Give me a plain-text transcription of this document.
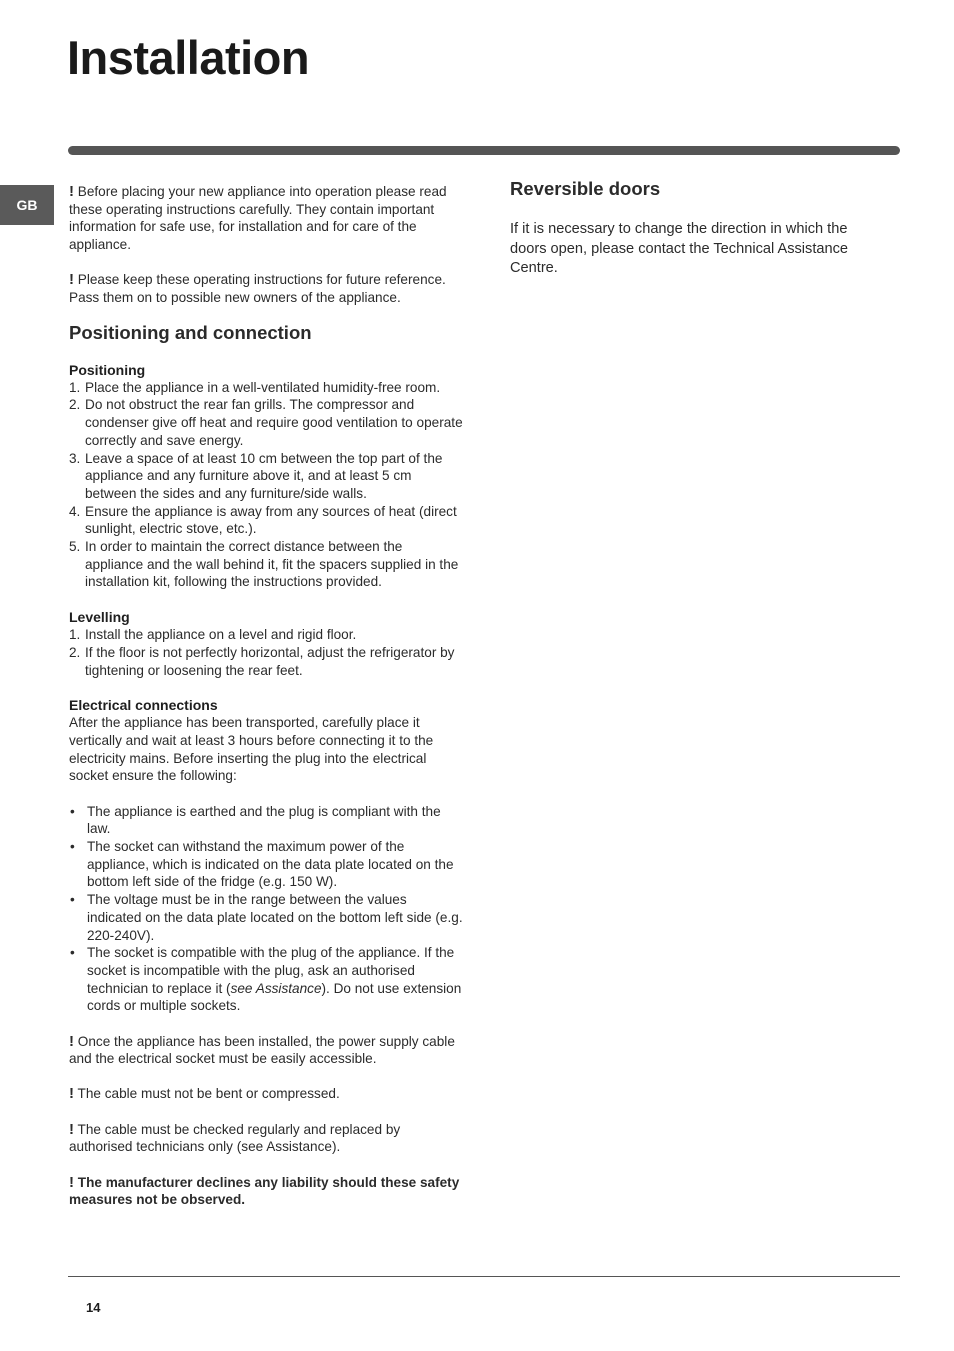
Installation
GB

! Before placing your new appliance into operation please read these operating instructions carefully. They contain important information for safe use, for installation and for care of the appliance.

! Please keep these operating instructions for future reference. Pass them on to possible new owners of the appliance.

Positioning and connection
Positioning
1. Place the appliance in a well-ventilated humidity-free room.
2. Do not obstruct the rear fan grills. The compressor and condenser give off heat and require good ventilation to operate correctly and save energy.
3. Leave a space of at least 10 cm between the top part of the appliance and any furniture above it, and at least 5 cm between the sides and any furniture/side walls.
4. Ensure the appliance is away from any sources of heat (direct sunlight, electric stove, etc.).
5. In order to maintain the correct distance between the appliance and the wall behind it, fit the spacers supplied in the installation kit, following the instructions provided.
Levelling
1. Install the appliance on a level and rigid floor.
2. If the floor is not perfectly horizontal, adjust the refrigerator by tightening or loosening the rear feet.
Electrical connections

After the appliance has been transported, carefully place it vertically and wait at least 3 hours before connecting it to the electricity mains. Before inserting the plug into the electrical socket ensure the following:

• The appliance is earthed and the plug is compliant with the law.
• The socket can withstand the maximum power of the appliance, which is indicated on the data plate located on the bottom left side of the fridge (e.g. 150 W).
• The voltage must be in the range between the values indicated on the data plate located on the bottom left side (e.g. 220-240V).
• The socket is compatible with the plug of the appliance. If the socket is incompatible with the plug, ask an authorised technician to replace it (see Assistance). Do not use extension cords or multiple sockets.

! Once the appliance has been installed, the power supply cable and the electrical socket must be easily accessible.

! The cable must not be bent or compressed.

! The cable must be checked regularly and replaced by authorised technicians only (see Assistance).

! The manufacturer declines any liability should these safety measures not be observed.

Reversible doors

If it is necessary to change the direction in which the doors open, please contact the Technical Assistance Centre.

14
